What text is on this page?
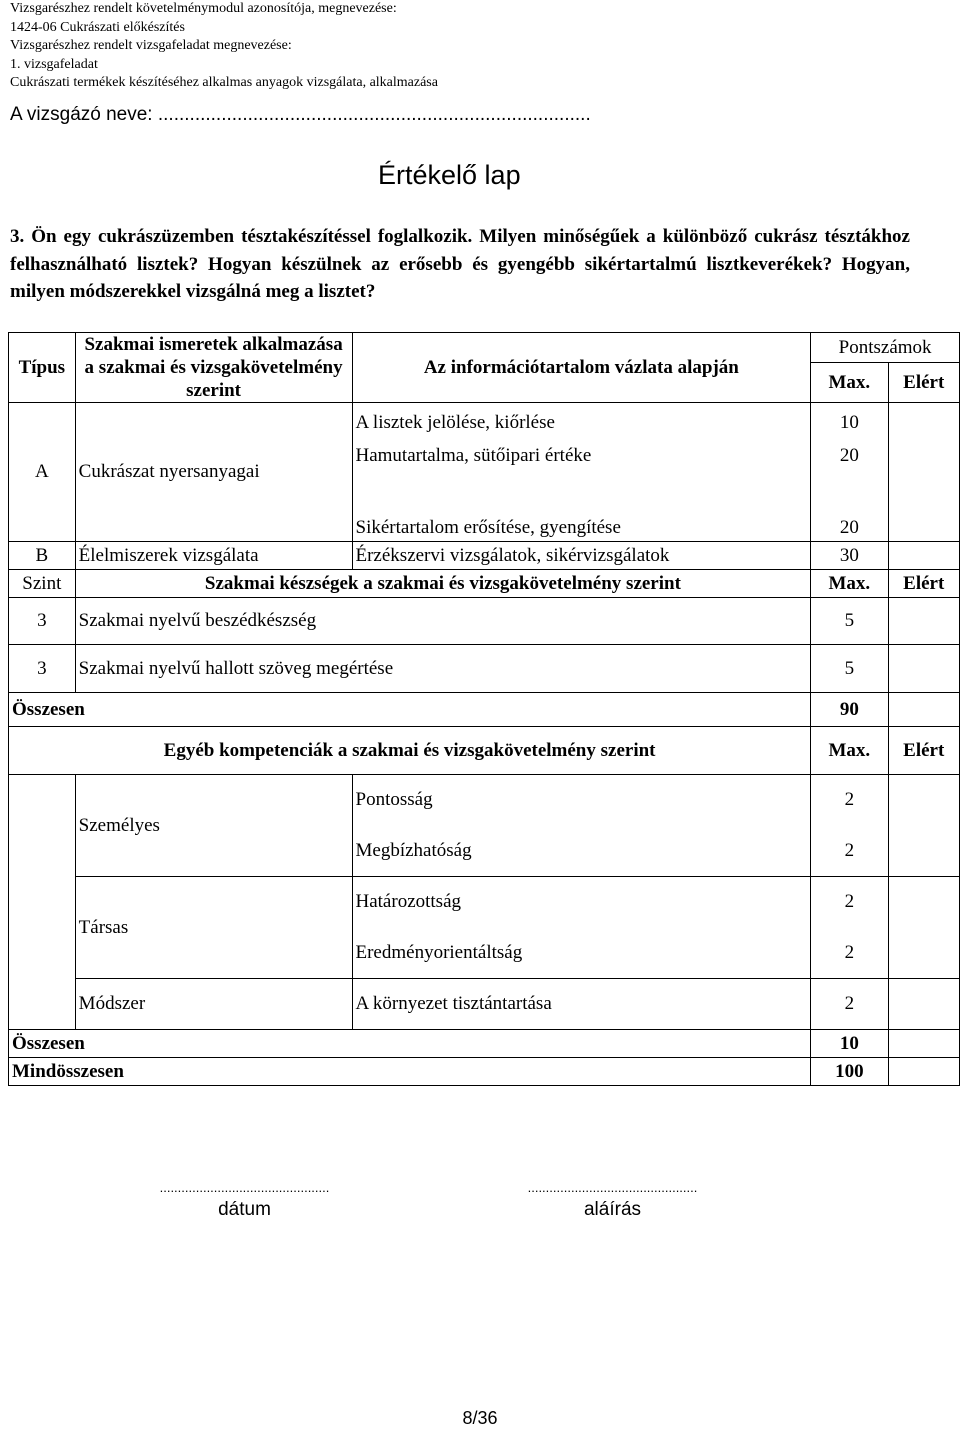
Vizsgarészhez rendelt követelménymodul azonosítója, megnevezése:
1424-06 Cukrászati előkészítés
Vizsgarészhez rendelt vizsgafeladat megnevezése:
1. vizsgafeladat
Cukrászati termékek készítéséhez alkalmas anyagok vizsgálata, alkalmazása
A vizsgázó neve: ..................................................................................
Értékelő lap
3. Ön egy cukrászüzemben tésztakészítéssel foglalkozik. Milyen minőségűek a különböző cukrász tésztákhoz felhasználható lisztek? Hogyan készülnek az erősebb és gyengébb sikértartalmú lisztkeverékek? Hogyan, milyen módszerekkel vizsgálná meg a lisztet?
Típus	Szakmai ismeretek alkalmazása a szakmai és vizsgakövetelmény szerint	Az információtartalom vázlata alapján	Pontszámok	
			Max.	Elért
A	Cukrászat nyersanyagai	A lisztek jelölése, kiőrlése	10	
		Hamutartalma, sütőipari értéke	20	
		Sikértartalom erősítése, gyengítése	20	
B	Élelmiszerek vizsgálata	Érzékszervi vizsgálatok, sikérvizsgálatok	30	
Szint	Szakmai készségek a szakmai és vizsgakövetelmény szerint		Max.	Elért
3	Szakmai nyelvű beszédkészség		5	
3	Szakmai nyelvű hallott szöveg megértése		5	
Összesen			90	
Egyéb kompetenciák a szakmai és vizsgakövetelmény szerint			Max.	Elért
	Személyes	Pontosság	2	
		Megbízhatóság	2	
	Társas	Határozottság	2	
		Eredményorientáltság	2	
	Módszer	A környezet tisztántartása	2	
Összesen			10	
Mindösszesen			100	
...............................................
dátum
...............................................
aláírás
8/36
